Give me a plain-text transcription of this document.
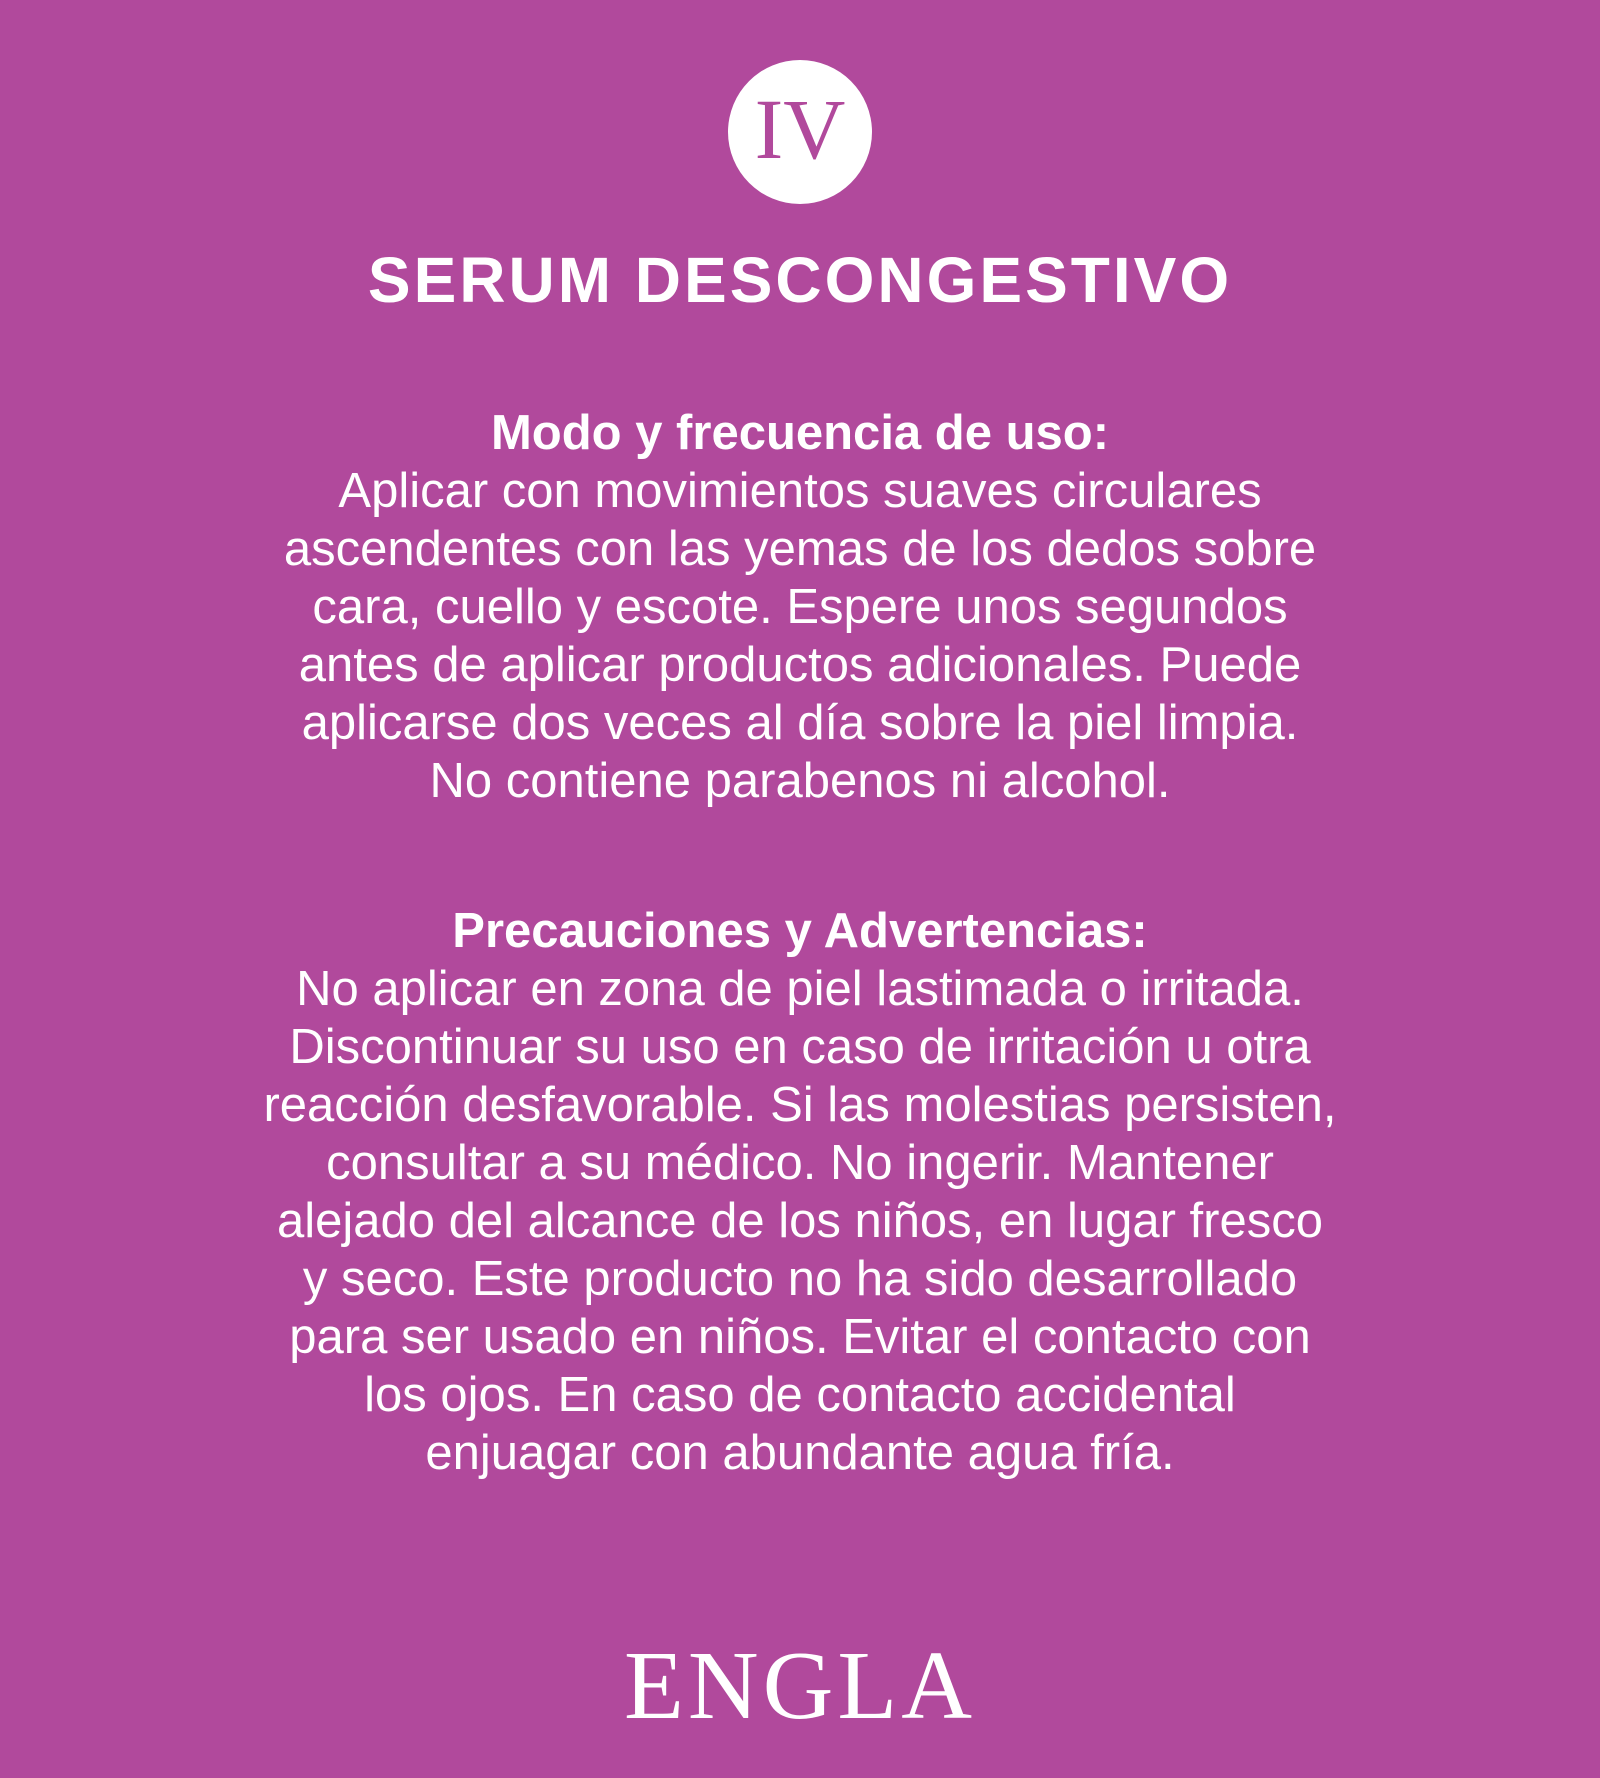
IV
SERUM DESCONGESTIVO
Modo y frecuencia de uso:
Aplicar con movimientos suaves circulares
ascendentes con las yemas de los dedos sobre
cara, cuello y escote. Espere unos segundos
antes de aplicar productos adicionales. Puede
aplicarse dos veces al día sobre la piel limpia.
No contiene parabenos ni alcohol.
Precauciones y Advertencias:
No aplicar en zona de piel lastimada o irritada.
Discontinuar su uso en caso de irritación u otra
reacción desfavorable. Si las molestias persisten,
consultar a su médico. No ingerir. Mantener
alejado del alcance de los niños, en lugar fresco
y seco. Este producto no ha sido desarrollado
para ser usado en niños. Evitar el contacto con
los ojos. En caso de contacto accidental
enjuagar con abundante agua fría.
ENGLA
